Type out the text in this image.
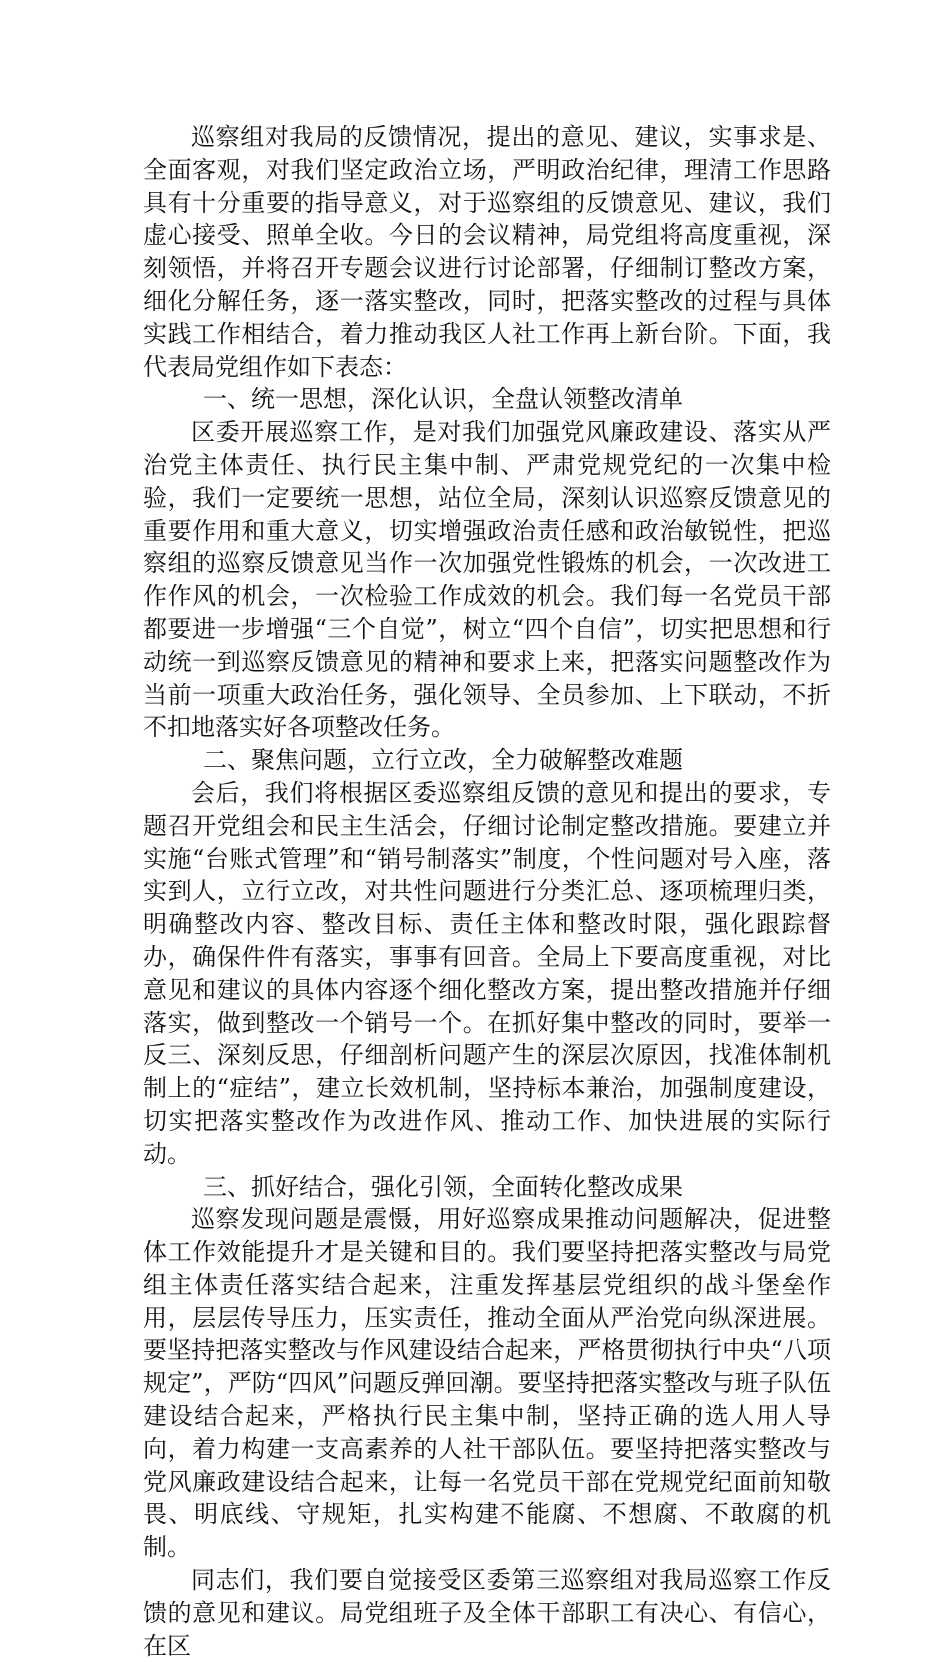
巡察组对我局的反馈情况，提出的意见、建议，实事求是、全面客观，对我们坚定政治立场，严明政治纪律，理清工作思路具有十分重要的指导意义，对于巡察组的反馈意见、建议，我们虚心接受、照单全收。今日的会议精神，局党组将高度重视，深刻领悟，并将召开专题会议进行讨论部署，仔细制订整改方案，细化分解任务，逐一落实整改，同时，把落实整改的过程与具体实践工作相结合，着力推动我区人社工作再上新台阶。下面，我代表局党组作如下表态：

一、统一思想，深化认识，全盘认领整改清单

区委开展巡察工作，是对我们加强党风廉政建设、落实从严治党主体责任、执行民主集中制、严肃党规党纪的一次集中检验，我们一定要统一思想，站位全局，深刻认识巡察反馈意见的重要作用和重大意义，切实增强政治责任感和政治敏锐性，把巡察组的巡察反馈意见当作一次加强党性锻炼的机会，一次改进工作作风的机会，一次检验工作成效的机会。我们每一名党员干部都要进一步增强“三个自觉”，树立“四个自信”，切实把思想和行动统一到巡察反馈意见的精神和要求上来，把落实问题整改作为当前一项重大政治任务，强化领导、全员参加、上下联动，不折不扣地落实好各项整改任务。

二、聚焦问题，立行立改，全力破解整改难题

会后，我们将根据区委巡察组反馈的意见和提出的要求，专题召开党组会和民主生活会，仔细讨论制定整改措施。要建立并实施“台账式管理”和“销号制落实”制度，个性问题对号入座，落实到人，立行立改，对共性问题进行分类汇总、逐项梳理归类，明确整改内容、整改目标、责任主体和整改时限，强化跟踪督办，确保件件有落实，事事有回音。全局上下要高度重视，对比意见和建议的具体内容逐个细化整改方案，提出整改措施并仔细落实，做到整改一个销号一个。在抓好集中整改的同时，要举一反三、深刻反思，仔细剖析问题产生的深层次原因，找准体制机制上的“症结”，建立长效机制，坚持标本兼治，加强制度建设，切实把落实整改作为改进作风、推动工作、加快进展的实际行动。

三、抓好结合，强化引领，全面转化整改成果

巡察发现问题是震慑，用好巡察成果推动问题解决，促进整体工作效能提升才是关键和目的。我们要坚持把落实整改与局党组主体责任落实结合起来，注重发挥基层党组织的战斗堡垒作用，层层传导压力，压实责任，推动全面从严治党向纵深进展。要坚持把落实整改与作风建设结合起来，严格贯彻执行中央“八项规定”，严防“四风”问题反弹回潮。要坚持把落实整改与班子队伍建设结合起来，严格执行民主集中制，坚持正确的选人用人导向，着力构建一支高素养的人社干部队伍。要坚持把落实整改与党风廉政建设结合起来，让每一名党员干部在党规党纪面前知敬畏、明底线、守规矩，扎实构建不能腐、不想腐、不敢腐的机制。

同志们，我们要自觉接受区委第三巡察组对我局巡察工作反馈的意见和建议。局党组班子及全体干部职工有决心、有信心，在区
